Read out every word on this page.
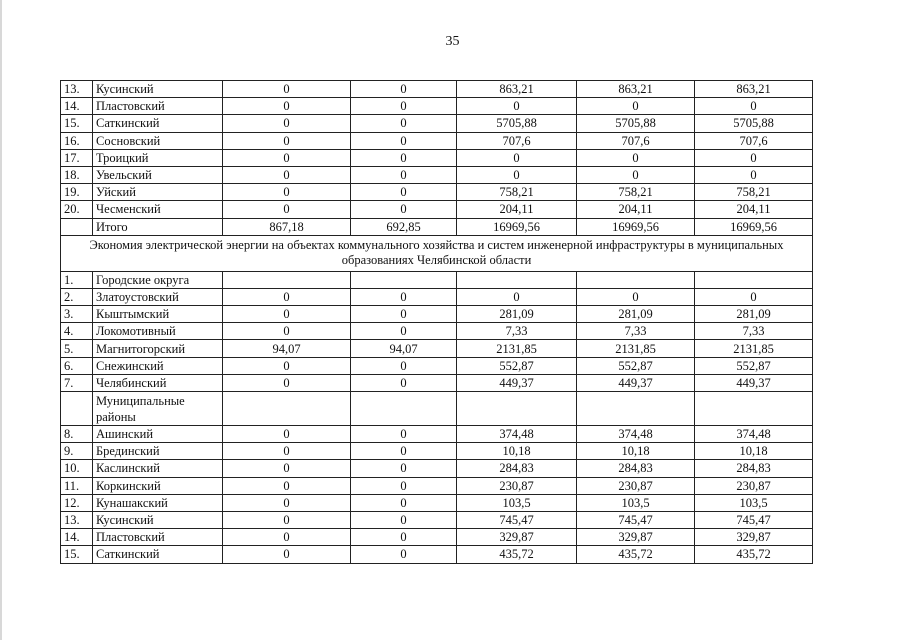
35
13.	Кусинский	0	0	863,21	863,21	863,21
14.	Пластовский	0	0	0	0	0
15.	Саткинский	0	0	5705,88	5705,88	5705,88
16.	Сосновский	0	0	707,6	707,6	707,6
17.	Троицкий	0	0	0	0	0
18.	Увельский	0	0	0	0	0
19.	Уйский	0	0	758,21	758,21	758,21
20.	Чесменский	0	0	204,11	204,11	204,11
	Итого	867,18	692,85	16969,56	16969,56	16969,56
Экономия электрической энергии на объектах коммунального хозяйства и систем инженерной инфраструктуры в муниципальных образованиях Челябинской области						
1.	Городские округа					
2.	Златоустовский	0	0	0	0	0
3.	Кыштымский	0	0	281,09	281,09	281,09
4.	Локомотивный	0	0	7,33	7,33	7,33
5.	Магнитогорский	94,07	94,07	2131,85	2131,85	2131,85
6.	Снежинский	0	0	552,87	552,87	552,87
7.	Челябинский	0	0	449,37	449,37	449,37
	Муниципальные районы					
8.	Ашинский	0	0	374,48	374,48	374,48
9.	Брединский	0	0	10,18	10,18	10,18
10.	Каслинский	0	0	284,83	284,83	284,83
11.	Коркинский	0	0	230,87	230,87	230,87
12.	Кунашакский	0	0	103,5	103,5	103,5
13.	Кусинский	0	0	745,47	745,47	745,47
14.	Пластовский	0	0	329,87	329,87	329,87
15.	Саткинский	0	0	435,72	435,72	435,72
